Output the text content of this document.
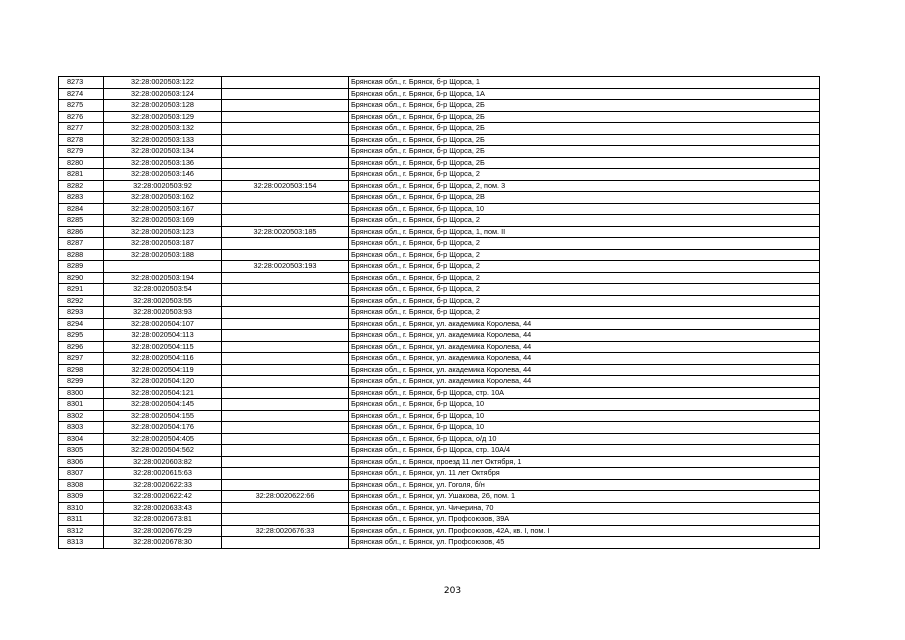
8273	32:28:0020503:122		Брянская обл., г. Брянск, б-р Щорса, 1
8274	32:28:0020503:124		Брянская обл., г. Брянск, б-р Щорса, 1А
8275	32:28:0020503:128		Брянская обл., г. Брянск, б-р Щорса, 2Б
8276	32:28:0020503:129		Брянская обл., г. Брянск, б-р Щорса, 2Б
8277	32:28:0020503:132		Брянская обл., г. Брянск, б-р Щорса, 2Б
8278	32:28:0020503:133		Брянская обл., г. Брянск, б-р Щорса, 2Б
8279	32:28:0020503:134		Брянская обл., г. Брянск, б-р Щорса, 2Б
8280	32:28:0020503:136		Брянская обл., г. Брянск, б-р Щорса, 2Б
8281	32:28:0020503:146		Брянская обл., г. Брянск, б-р Щорса, 2
8282	32:28:0020503:92	32:28:0020503:154	Брянская обл., г. Брянск, б-р Щорса, 2, пом. 3
8283	32:28:0020503:162		Брянская обл., г. Брянск, б-р Щорса, 2В
8284	32:28:0020503:167		Брянская обл., г. Брянск, б-р Щорса, 10
8285	32:28:0020503:169		Брянская обл., г. Брянск, б-р Щорса, 2
8286	32:28:0020503:123	32:28:0020503:185	Брянская обл., г. Брянск, б-р Щорса, 1, пом. II
8287	32:28:0020503:187		Брянская обл., г. Брянск, б-р Щорса, 2
8288	32:28:0020503:188		Брянская обл., г. Брянск, б-р Щорса, 2
8289		32:28:0020503:193	Брянская обл., г. Брянск, б-р Щорса, 2
8290	32:28:0020503:194		Брянская обл., г. Брянск, б-р Щорса, 2
8291	32:28:0020503:54		Брянская обл., г. Брянск, б-р Щорса, 2
8292	32:28:0020503:55		Брянская обл., г. Брянск, б-р Щорса, 2
8293	32:28:0020503:93		Брянская обл., г. Брянск, б-р Щорса, 2
8294	32:28:0020504:107		Брянская обл., г. Брянск, ул. академика Королева, 44
8295	32:28:0020504:113		Брянская обл., г. Брянск, ул. академика Королева, 44
8296	32:28:0020504:115		Брянская обл., г. Брянск, ул. академика Королева, 44
8297	32:28:0020504:116		Брянская обл., г. Брянск, ул. академика Королева, 44
8298	32:28:0020504:119		Брянская обл., г. Брянск, ул. академика Королева, 44
8299	32:28:0020504:120		Брянская обл., г. Брянск, ул. академика Королева, 44
8300	32:28:0020504:121		Брянская обл., г. Брянск, б-р Щорса, стр. 10А
8301	32:28:0020504:145		Брянская обл., г. Брянск, б-р Щорса, 10
8302	32:28:0020504:155		Брянская обл., г. Брянск, б-р Щорса, 10
8303	32:28:0020504:176		Брянская обл., г. Брянск, б-р Щорса, 10
8304	32:28:0020504:405		Брянская обл., г. Брянск, б-р Щорса, о/д 10
8305	32:28:0020504:562		Брянская обл., г. Брянск, б-р Щорса, стр. 10А/4
8306	32:28:0020603:82		Брянская обл., г. Брянск, проезд 11 лет Октября, 1
8307	32:28:0020615:63		Брянская обл., г. Брянск, ул. 11 лет Октября
8308	32:28:0020622:33		Брянская обл., г. Брянск, ул. Гоголя, б/н
8309	32:28:0020622:42	32:28:0020622:66	Брянская обл., г. Брянск, ул. Ушакова, 26, пом. 1
8310	32:28:0020633:43		Брянская обл., г. Брянск, ул. Чичерина, 70
8311	32:28:0020673:81		Брянская обл., г. Брянск, ул. Профсоюзов, 39А
8312	32:28:0020676:29	32:28:0020676:33	Брянская обл., г. Брянск, ул. Профсоюзов, 42А, кв. I, пом. I
8313	32:28:0020678:30		Брянская обл., г. Брянск, ул. Профсоюзов, 45
203
